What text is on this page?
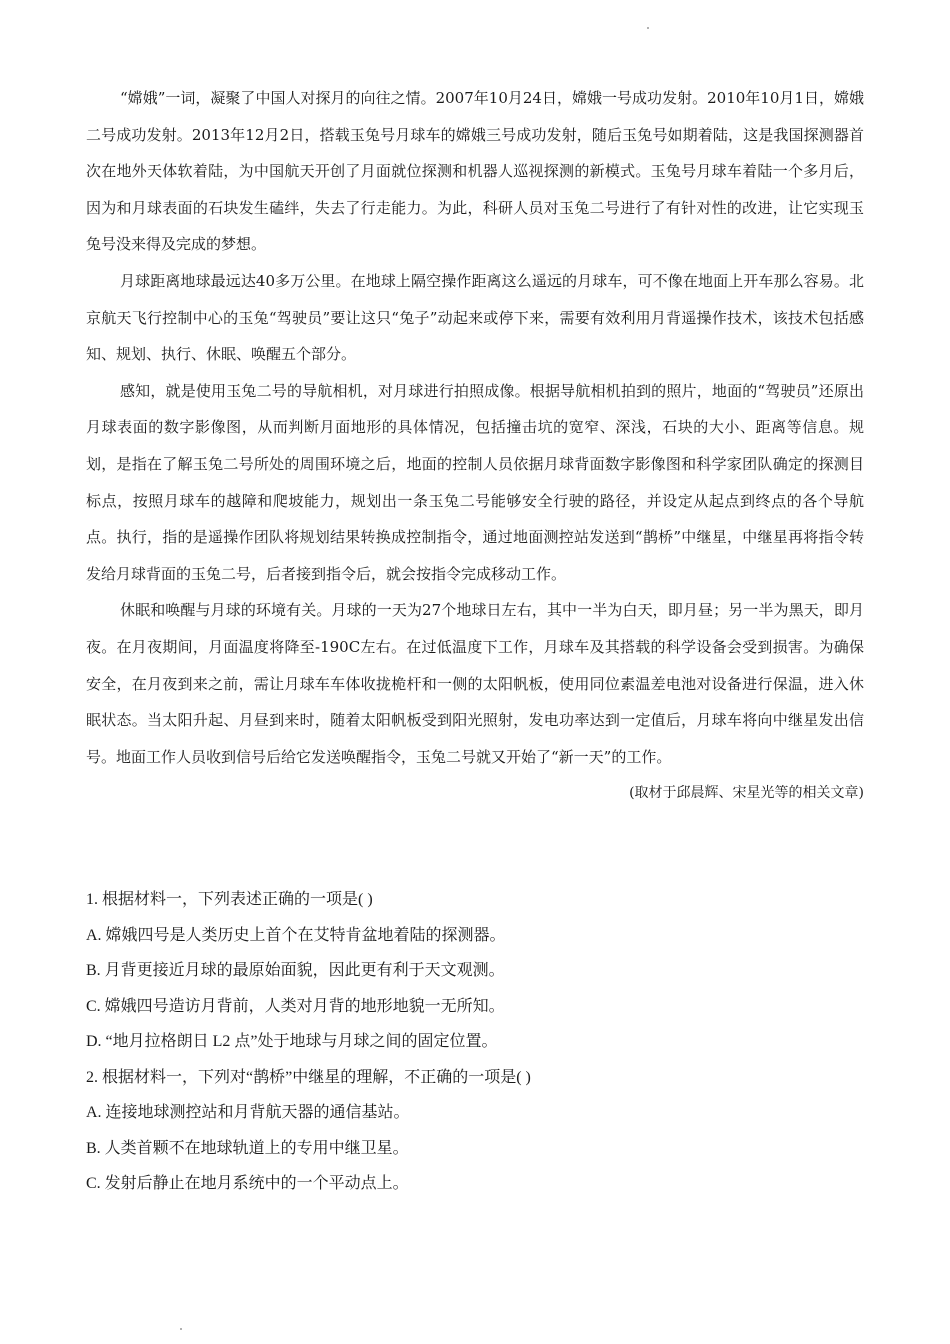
“嫦娥”一词，凝聚了中国人对探月的向往之情。2007年10月24日，嫦娥一号成功发射。2010年10月1日，嫦娥二号成功发射。2013年12月2日，搭载玉兔号月球车的嫦娥三号成功发射，随后玉兔号如期着陆，这是我国探测器首次在地外天体软着陆，为中国航天开创了月面就位探测和机器人巡视探测的新模式。玉兔号月球车着陆一个多月后，因为和月球表面的石块发生磕绊，失去了行走能力。为此，科研人员对玉兔二号进行了有针对性的改进，让它实现玉兔号没来得及完成的梦想。

月球距离地球最远达40多万公里。在地球上隔空操作距离这么遥远的月球车，可不像在地面上开车那么容易。北京航天飞行控制中心的玉兔“驾驶员”要让这只“兔子”动起来或停下来，需要有效利用月背遥操作技术，该技术包括感知、规划、执行、休眠、唤醒五个部分。

感知，就是使用玉兔二号的导航相机，对月球进行拍照成像。根据导航相机拍到的照片，地面的“驾驶员”还原出月球表面的数字影像图，从而判断月面地形的具体情况，包括撞击坑的宽窄、深浅，石块的大小、距离等信息。规划，是指在了解玉兔二号所处的周围环境之后，地面的控制人员依据月球背面数字影像图和科学家团队确定的探测目标点，按照月球车的越障和爬坡能力，规划出一条玉兔二号能够安全行驶的路径，并设定从起点到终点的各个导航点。执行，指的是遥操作团队将规划结果转换成控制指令，通过地面测控站发送到“鹊桥”中继星，中继星再将指令转发给月球背面的玉兔二号，后者接到指令后，就会按指令完成移动工作。

休眠和唤醒与月球的环境有关。月球的一天为27个地球日左右，其中一半为白天，即月昼；另一半为黑天，即月夜。在月夜期间，月面温度将降至-190C左右。在过低温度下工作，月球车及其搭载的科学设备会受到损害。为确保安全，在月夜到来之前，需让月球车车体收拢桅杆和一侧的太阳帆板，使用同位素温差电池对设备进行保温，进入休眠状态。当太阳升起、月昼到来时，随着太阳帆板受到阳光照射，发电功率达到一定值后，月球车将向中继星发出信号。地面工作人员收到信号后给它发送唤醒指令，玉兔二号就又开始了“新一天”的工作。

(取材于邱晨辉、宋星光等的相关文章)

1. 根据材料一，下列表述正确的一项是( )

A. 嫦娥四号是人类历史上首个在艾特肯盆地着陆的探测器。

B. 月背更接近月球的最原始面貌，因此更有利于天文观测。

C. 嫦娥四号造访月背前，人类对月背的地形地貌一无所知。

D. “地月拉格朗日 L2 点”处于地球与月球之间的固定位置。

2. 根据材料一，下列对“鹊桥”中继星的理解，不正确的一项是( )

A. 连接地球测控站和月背航天器的通信基站。

B. 人类首颗不在地球轨道上的专用中继卫星。

C. 发射后静止在地月系统中的一个平动点上。
